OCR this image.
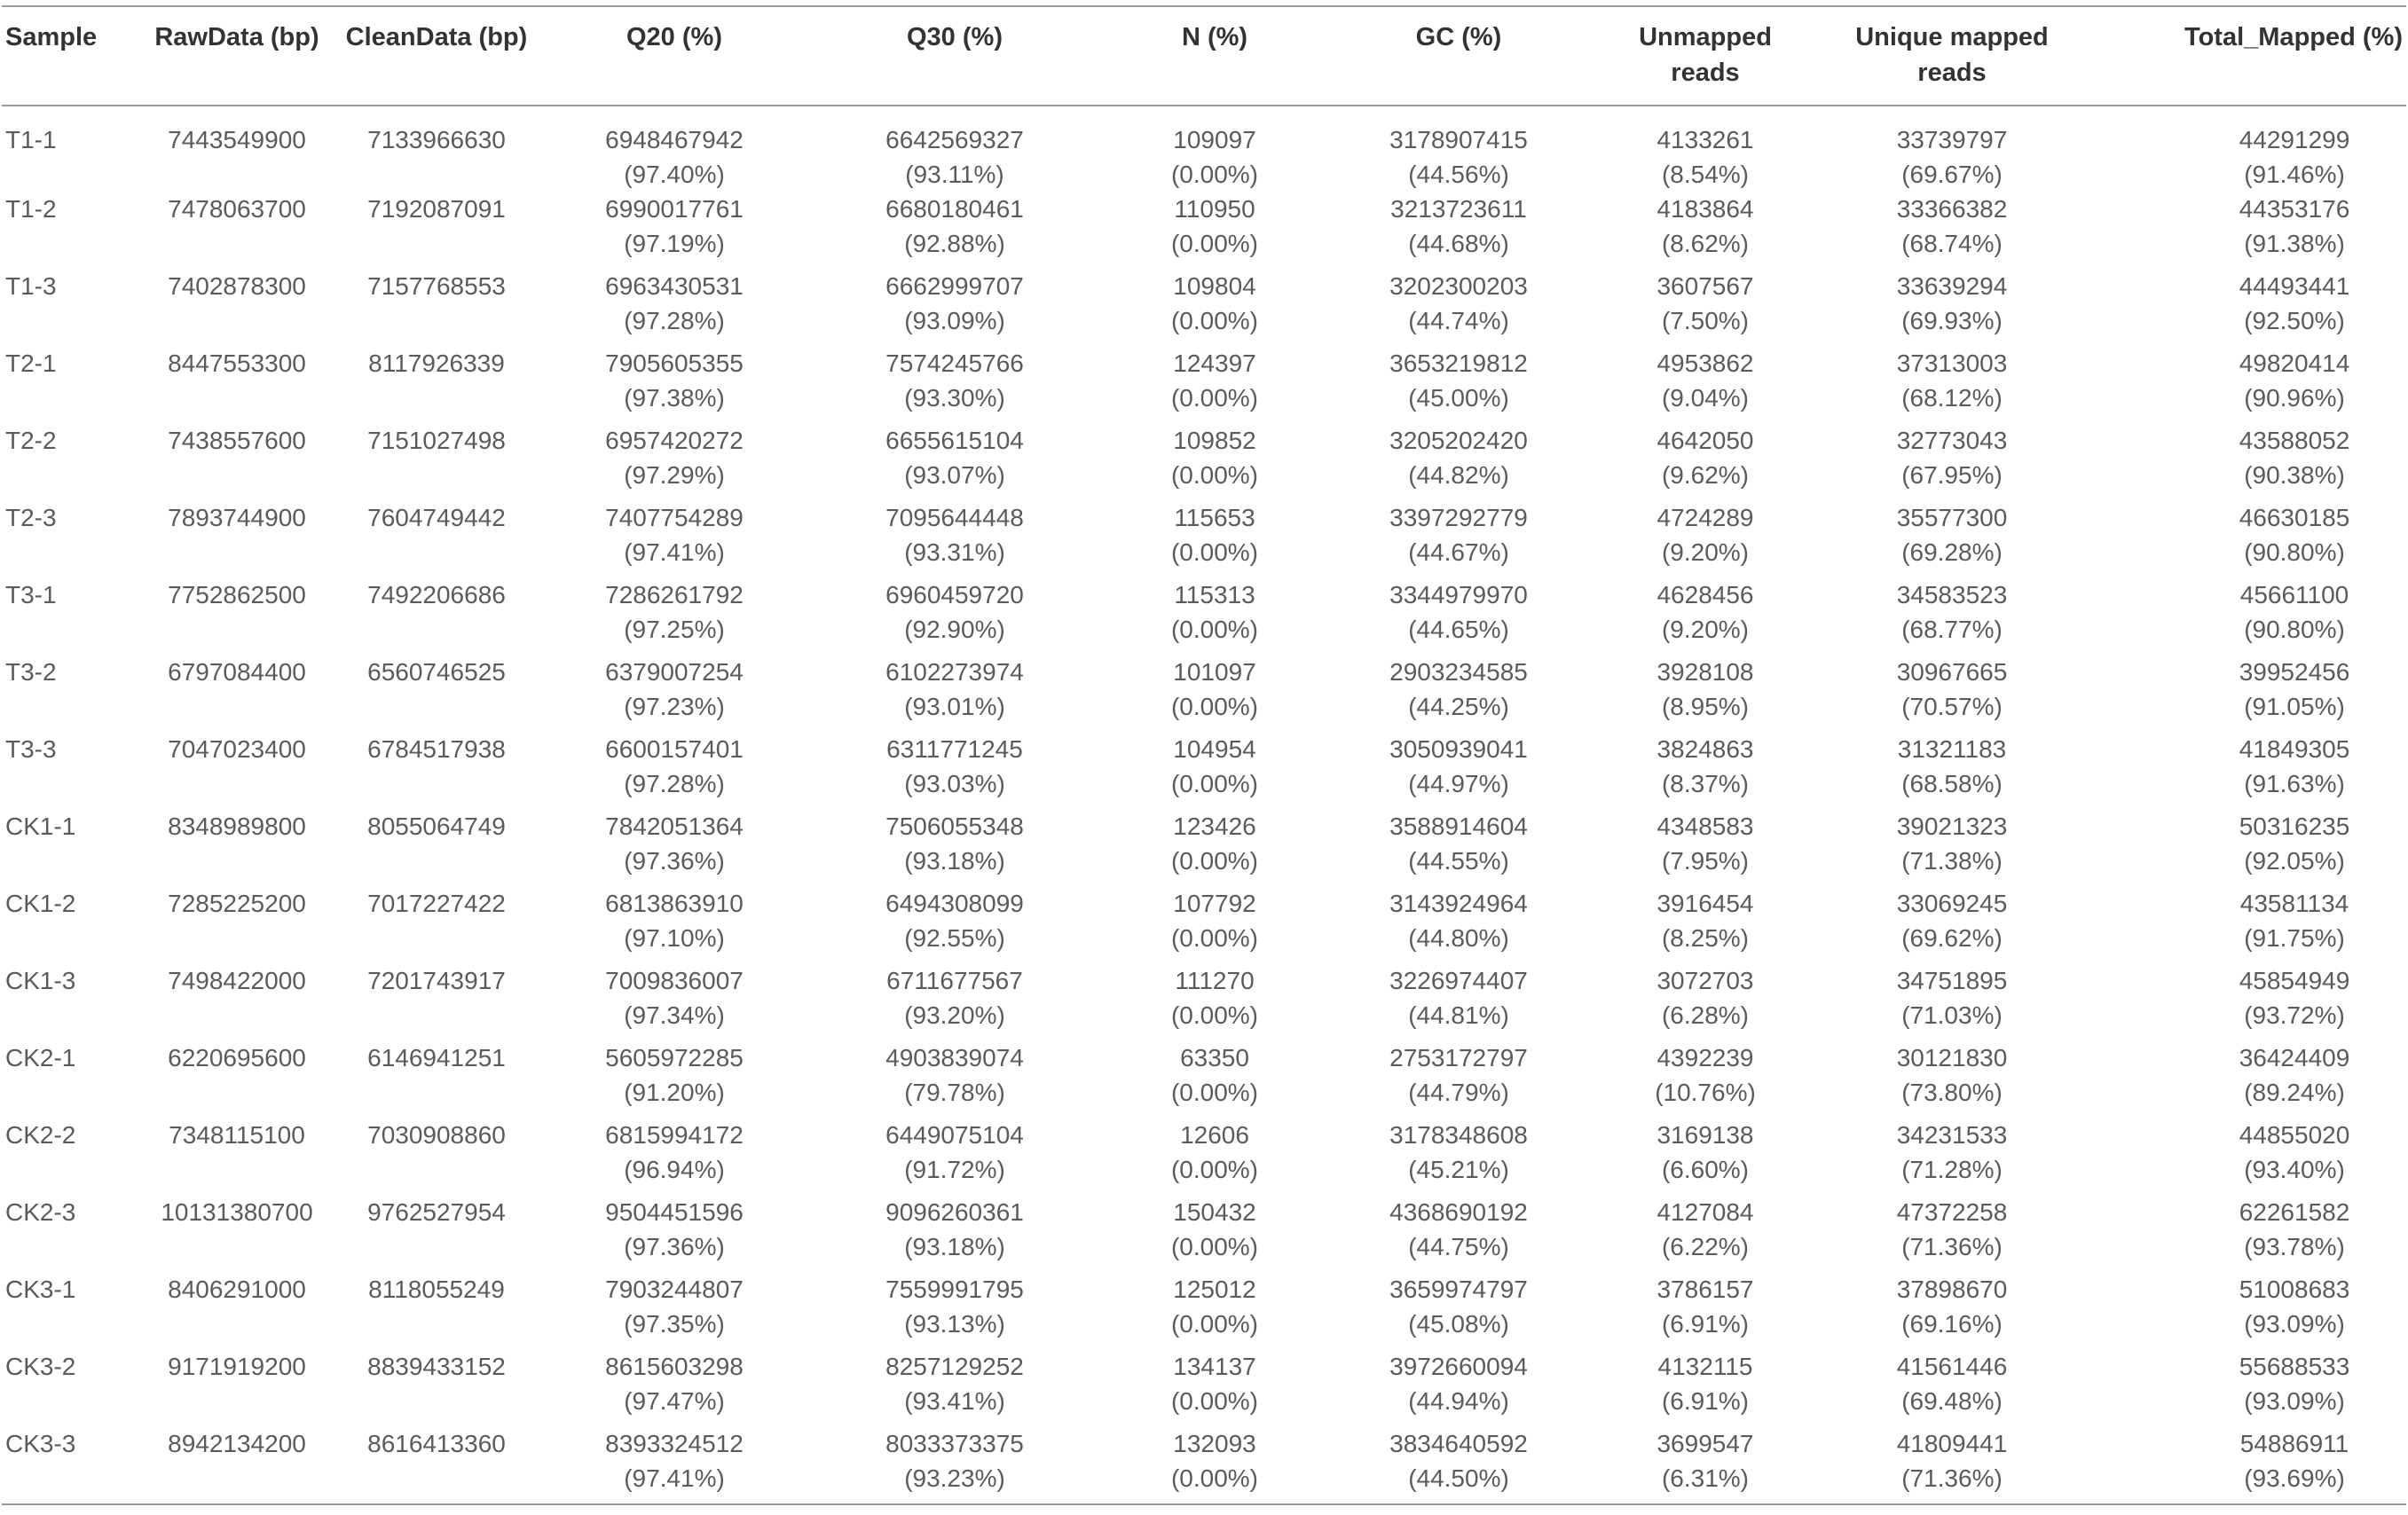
Sample	RawData (bp)	CleanData (bp)	Q20 (%)	Q30 (%)	N (%)	GC (%)	Unmapped
reads	Unique mapped
reads	Total_Mapped (%)

T1-1	7443549900	7133966630	6948467942
(97.40%)	6642569327
(93.11%)	109097
(0.00%)	3178907415
(44.56%)	4133261
(8.54%)	33739797
(69.67%)	44291299
(91.46%)

T1-2	7478063700	7192087091	6990017761
(97.19%)	6680180461
(92.88%)	110950
(0.00%)	3213723611
(44.68%)	4183864
(8.62%)	33366382
(68.74%)	44353176
(91.38%)

T1-3	7402878300	7157768553	6963430531
(97.28%)	6662999707
(93.09%)	109804
(0.00%)	3202300203
(44.74%)	3607567
(7.50%)	33639294
(69.93%)	44493441
(92.50%)

T2-1	8447553300	8117926339	7905605355
(97.38%)	7574245766
(93.30%)	124397
(0.00%)	3653219812
(45.00%)	4953862
(9.04%)	37313003
(68.12%)	49820414
(90.96%)

T2-2	7438557600	7151027498	6957420272
(97.29%)	6655615104
(93.07%)	109852
(0.00%)	3205202420
(44.82%)	4642050
(9.62%)	32773043
(67.95%)	43588052
(90.38%)

T2-3	7893744900	7604749442	7407754289
(97.41%)	7095644448
(93.31%)	115653
(0.00%)	3397292779
(44.67%)	4724289
(9.20%)	35577300
(69.28%)	46630185
(90.80%)

T3-1	7752862500	7492206686	7286261792
(97.25%)	6960459720
(92.90%)	115313
(0.00%)	3344979970
(44.65%)	4628456
(9.20%)	34583523
(68.77%)	45661100
(90.80%)

T3-2	6797084400	6560746525	6379007254
(97.23%)	6102273974
(93.01%)	101097
(0.00%)	2903234585
(44.25%)	3928108
(8.95%)	30967665
(70.57%)	39952456
(91.05%)

T3-3	7047023400	6784517938	6600157401
(97.28%)	6311771245
(93.03%)	104954
(0.00%)	3050939041
(44.97%)	3824863
(8.37%)	31321183
(68.58%)	41849305
(91.63%)

CK1-1	8348989800	8055064749	7842051364
(97.36%)	7506055348
(93.18%)	123426
(0.00%)	3588914604
(44.55%)	4348583
(7.95%)	39021323
(71.38%)	50316235
(92.05%)

CK1-2	7285225200	7017227422	6813863910
(97.10%)	6494308099
(92.55%)	107792
(0.00%)	3143924964
(44.80%)	3916454
(8.25%)	33069245
(69.62%)	43581134
(91.75%)

CK1-3	7498422000	7201743917	7009836007
(97.34%)	6711677567
(93.20%)	111270
(0.00%)	3226974407
(44.81%)	3072703
(6.28%)	34751895
(71.03%)	45854949
(93.72%)

CK2-1	6220695600	6146941251	5605972285
(91.20%)	4903839074
(79.78%)	63350
(0.00%)	2753172797
(44.79%)	4392239
(10.76%)	30121830
(73.80%)	36424409
(89.24%)

CK2-2	7348115100	7030908860	6815994172
(96.94%)	6449075104
(91.72%)	12606
(0.00%)	3178348608
(45.21%)	3169138
(6.60%)	34231533
(71.28%)	44855020
(93.40%)

CK2-3	10131380700	9762527954	9504451596
(97.36%)	9096260361
(93.18%)	150432
(0.00%)	4368690192
(44.75%)	4127084
(6.22%)	47372258
(71.36%)	62261582
(93.78%)

CK3-1	8406291000	8118055249	7903244807
(97.35%)	7559991795
(93.13%)	125012
(0.00%)	3659974797
(45.08%)	3786157
(6.91%)	37898670
(69.16%)	51008683
(93.09%)

CK3-2	9171919200	8839433152	8615603298
(97.47%)	8257129252
(93.41%)	134137
(0.00%)	3972660094
(44.94%)	4132115
(6.91%)	41561446
(69.48%)	55688533
(93.09%)

CK3-3	8942134200	8616413360	8393324512
(97.41%)	8033373375
(93.23%)	132093
(0.00%)	3834640592
(44.50%)	3699547
(6.31%)	41809441
(71.36%)	54886911
(93.69%)
